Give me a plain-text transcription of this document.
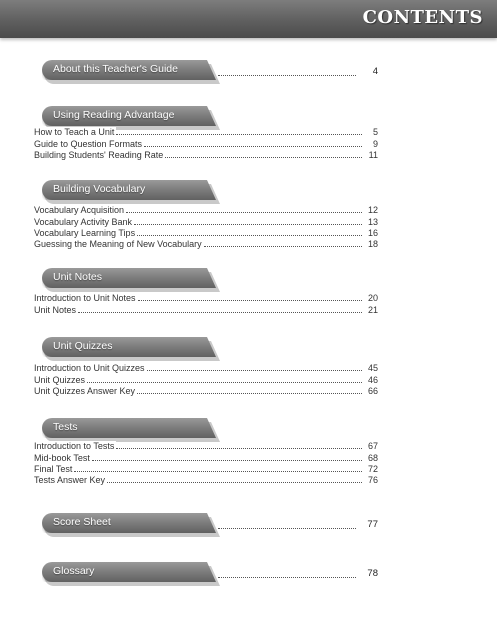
CONTENTS
About this Teacher's Guide	4
Using Reading Advantage
How to Teach a Unit	5
Guide to Question Formats	9
Building Students' Reading Rate	11
Building Vocabulary
Vocabulary Acquisition	12
Vocabulary Activity Bank	13
Vocabulary Learning Tips	16
Guessing the Meaning of New Vocabulary	18
Unit Notes
Introduction to Unit Notes	20
Unit Notes	21
Unit Quizzes
Introduction to Unit Quizzes	45
Unit Quizzes	46
Unit Quizzes Answer Key	66
Tests
Introduction to Tests	67
Mid-book Test	68
Final Test	72
Tests Answer Key	76
Score Sheet	77
Glossary	78
